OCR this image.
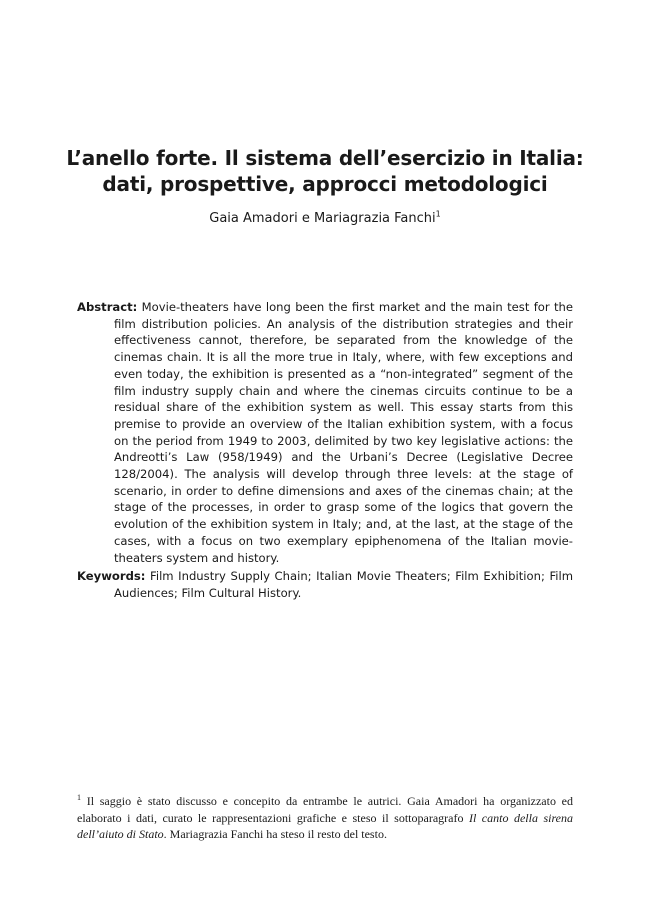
L’anello forte. Il sistema dell’esercizio in Italia:
dati, prospettive, approcci metodologici
Gaia Amadori e Mariagrazia Fanchi$^1$

Abstract: Movie-theaters have long been the first market and the main test for the film distribution policies. An analysis of the distribution strategies and their effectiveness cannot, therefore, be separated from the knowledge of the cinemas chain. It is all the more true in Italy, where, with few exceptions and even today, the exhibition is presented as a “non-integrated” segment of the film industry supply chain and where the cinemas circuits continue to be a residual share of the exhibition system as well. This essay starts from this premise to provide an overview of the Italian exhibition system, with a focus on the period from 1949 to 2003, delimited by two key legislative actions: the Andreotti’s Law (958/1949) and the Urbani’s Decree (Legislative Decree 128/2004). The analysis will develop through three levels: at the stage of scenario, in order to define dimensions and axes of the cinemas chain; at the stage of the processes, in order to grasp some of the logics that govern the evolution of the exhibition system in Italy; and, at the last, at the stage of the cases, with a focus on two exemplary epiphenomena of the Italian movie-theaters system and history.

Keywords: Film Industry Supply Chain; Italian Movie Theaters; Film Exhibition; Film Audiences; Film Cultural History.

$^1$ Il saggio è stato discusso e concepito da entrambe le autrici. Gaia Amadori ha organizzato ed elaborato i dati, curato le rappresentazioni grafiche e steso il sottoparagrafo Il canto della sirena dell’aiuto di Stato. Mariagrazia Fanchi ha steso il resto del testo.
